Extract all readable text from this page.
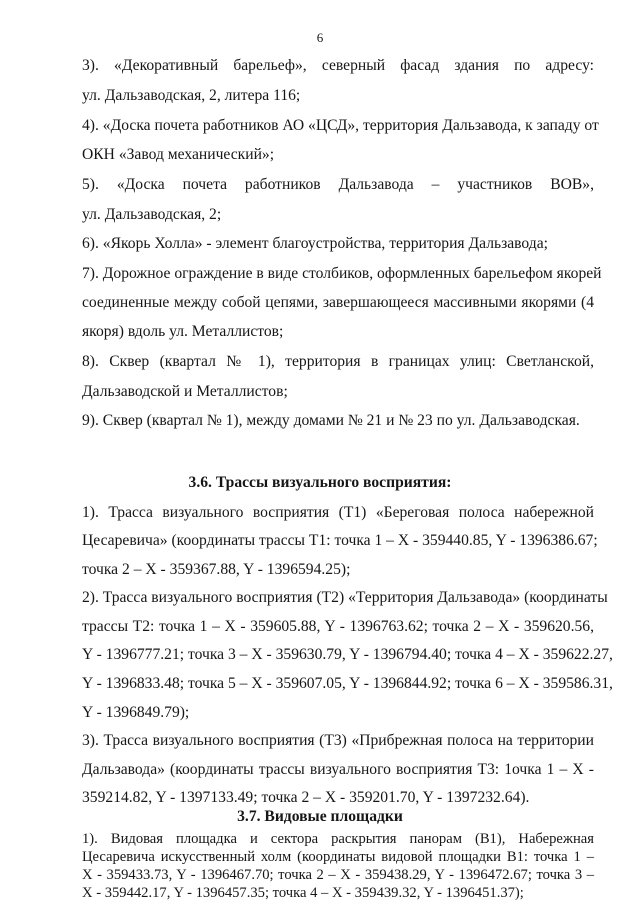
6
3). «Декоративный барельеф», северный фасад здания по адресу:
ул. Дальзаводская, 2, литера 116;
4). «Доска почета работников АО «ЦСД», территория Дальзавода, к западу от
ОКН «Завод механический»;
5). «Доска почета работников Дальзавода – участников ВОВ»,
ул. Дальзаводская, 2;
6). «Якорь Холла» - элемент благоустройства, территория Дальзавода;
7). Дорожное ограждение в виде столбиков, оформленных барельефом якорей
соединенные между собой цепями, завершающееся массивными якорями (4
якоря) вдоль ул. Металлистов;
8). Сквер (квартал № 1), территория в границах улиц: Светланской,
Дальзаводской и Металлистов;
9). Сквер (квартал № 1), между домами № 21 и № 23 по ул. Дальзаводская.
3.6. Трассы визуального восприятия:
1). Трасса визуального восприятия (Т1) «Береговая полоса набережной
Цесаревича» (координаты трассы Т1: точка 1 – X - 359440.85, Y - 1396386.67;
точка 2 – X - 359367.88, Y - 1396594.25);
2). Трасса визуального восприятия (Т2) «Территория Дальзавода» (координаты
трассы Т2: точка 1 – X - 359605.88, Y - 1396763.62; точка 2 – X - 359620.56,
Y - 1396777.21; точка 3 – X - 359630.79, Y - 1396794.40; точка 4 – X - 359622.27,
Y - 1396833.48; точка 5 – X - 359607.05, Y - 1396844.92; точка 6 – X - 359586.31,
Y - 1396849.79);
3). Трасса визуального восприятия (Т3) «Прибрежная полоса на территории
Дальзавода» (координаты трассы визуального восприятия Т3: 1очка 1 – X -
359214.82, Y - 1397133.49; точка 2 – X - 359201.70, Y - 1397232.64).
3.7. Видовые площадки
1). Видовая площадка и сектора раскрытия панорам (В1), Набережная
Цесаревича искусственный холм (координаты видовой площадки В1: точка 1 –
X - 359433.73, Y - 1396467.70; точка 2 – X - 359438.29, Y - 1396472.67; точка 3 –
X - 359442.17, Y - 1396457.35; точка 4 – X - 359439.32, Y - 1396451.37);
